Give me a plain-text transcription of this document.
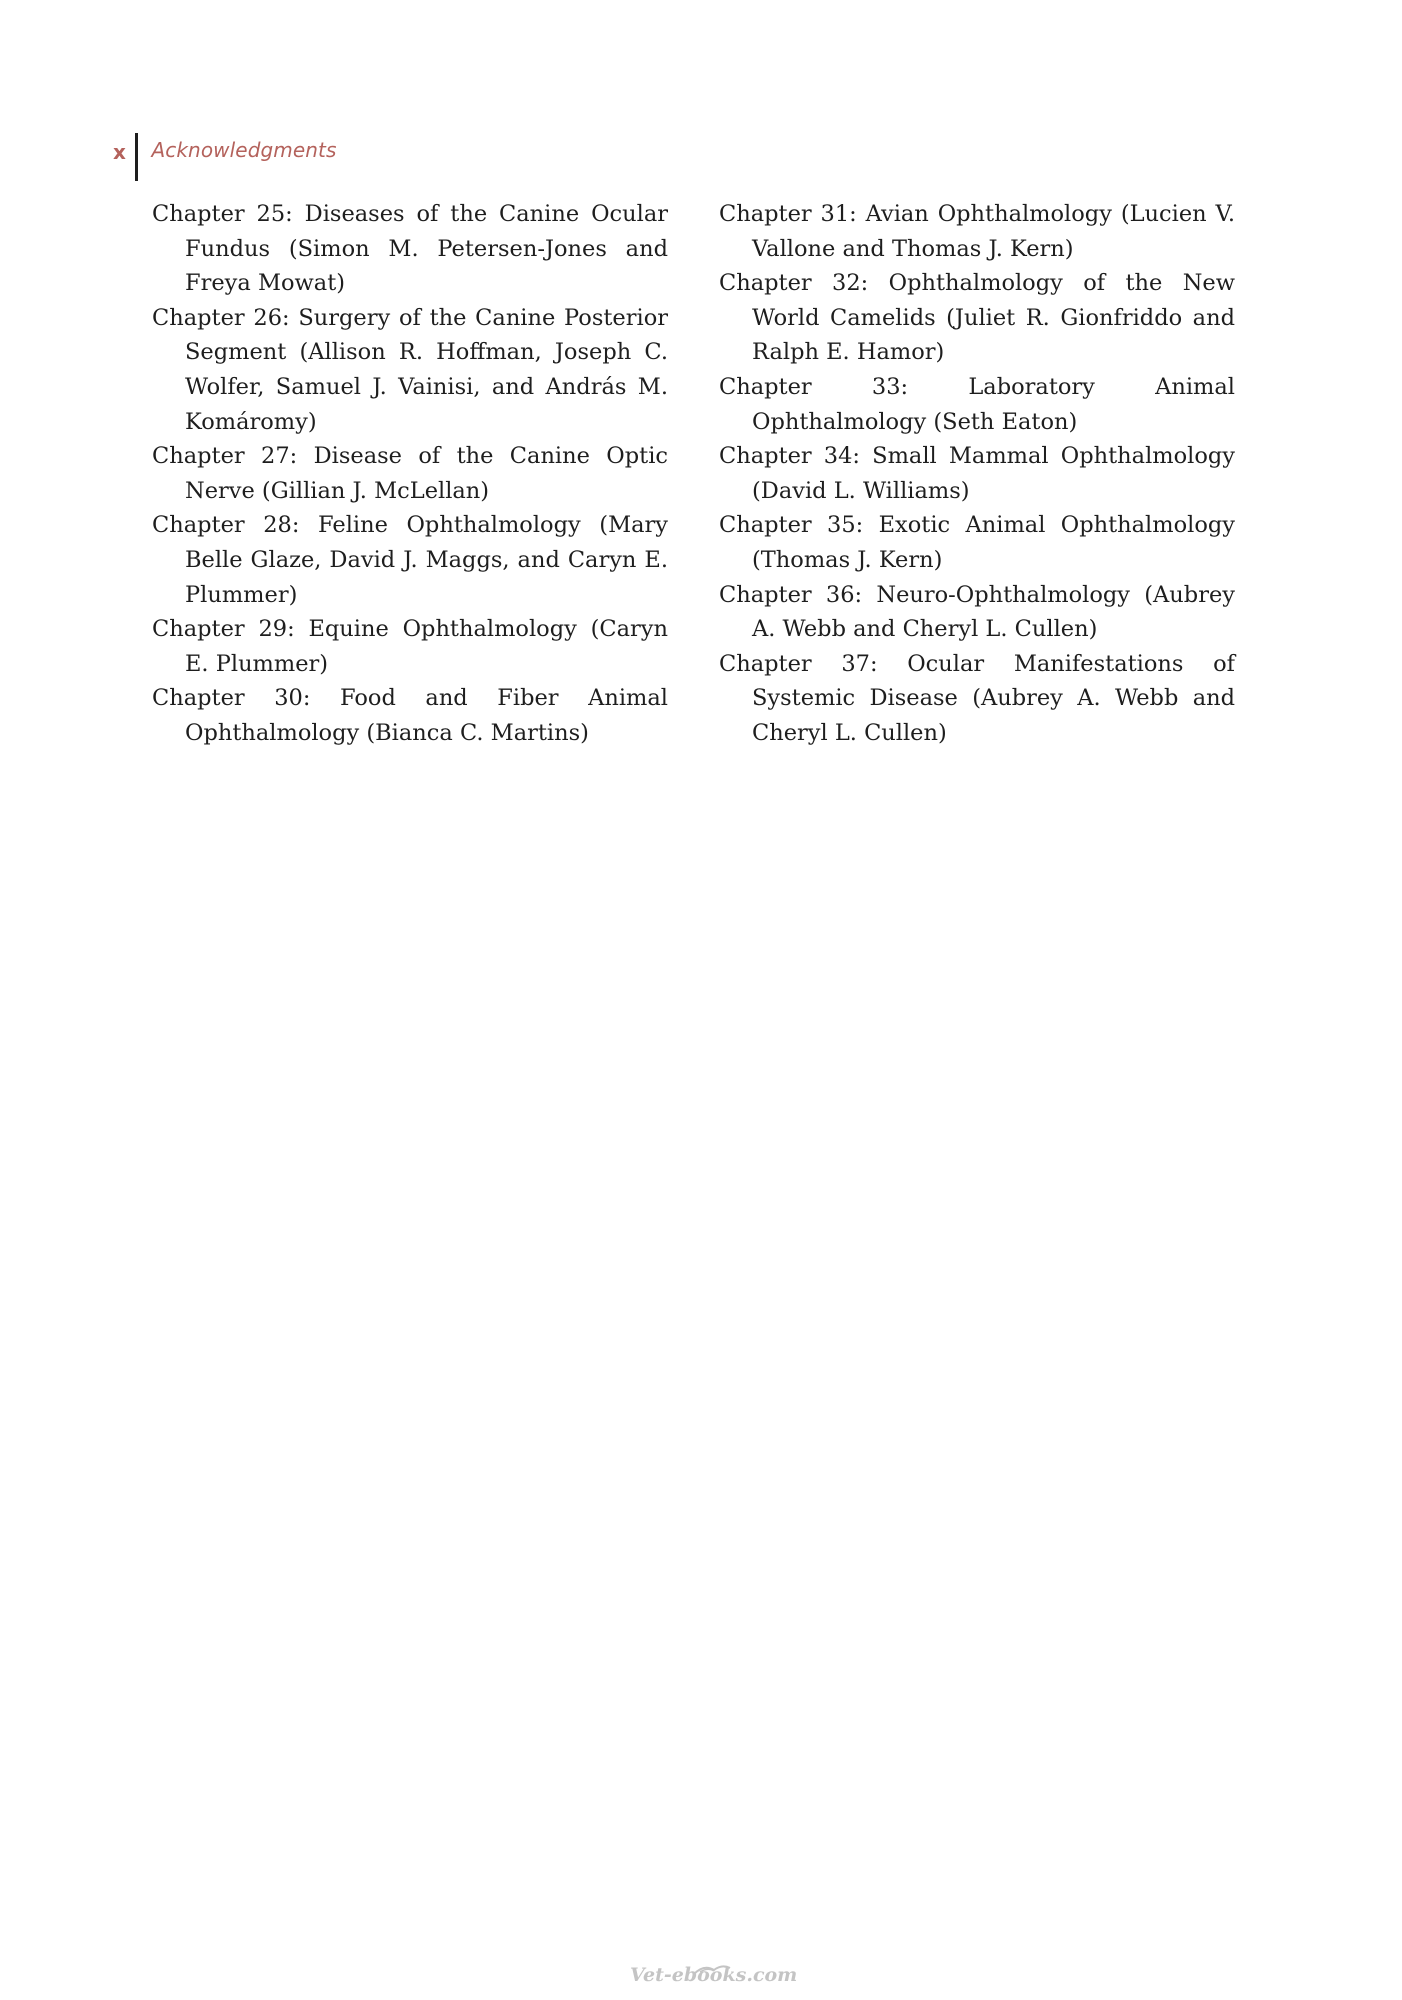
x	Acknowledgments

Chapter 25: Diseases of the Canine Ocular Fundus (Simon M. Petersen-Jones and Freya Mowat)

Chapter 26: Surgery of the Canine Posterior Segment (Allison R. Hoffman, Joseph C. Wolfer, Samuel J. Vainisi, and András M. Komáromy)

Chapter 27: Disease of the Canine Optic Nerve (Gillian J. McLellan)

Chapter 28: Feline Ophthalmology (Mary Belle Glaze, David J. Maggs, and Caryn E. Plummer)

Chapter 29: Equine Ophthalmology (Caryn E. Plummer)

Chapter 30: Food and Fiber Animal Ophthalmology (Bianca C. Martins)

Chapter 31: Avian Ophthalmology (Lucien V. Vallone and Thomas J. Kern)

Chapter 32: Ophthalmology of the New World Camelids (Juliet R. Gionfriddo and Ralph E. Hamor)

Chapter 33: Laboratory Animal Ophthalmology (Seth Eaton)

Chapter 34: Small Mammal Ophthalmology (David L. Williams)

Chapter 35: Exotic Animal Ophthalmology (Thomas J. Kern)

Chapter 36: Neuro-Ophthalmology (Aubrey A. Webb and Cheryl L. Cullen)

Chapter 37: Ocular Manifestations of Systemic Disease (Aubrey A. Webb and Cheryl L. Cullen)

Vet-ebooks.com
